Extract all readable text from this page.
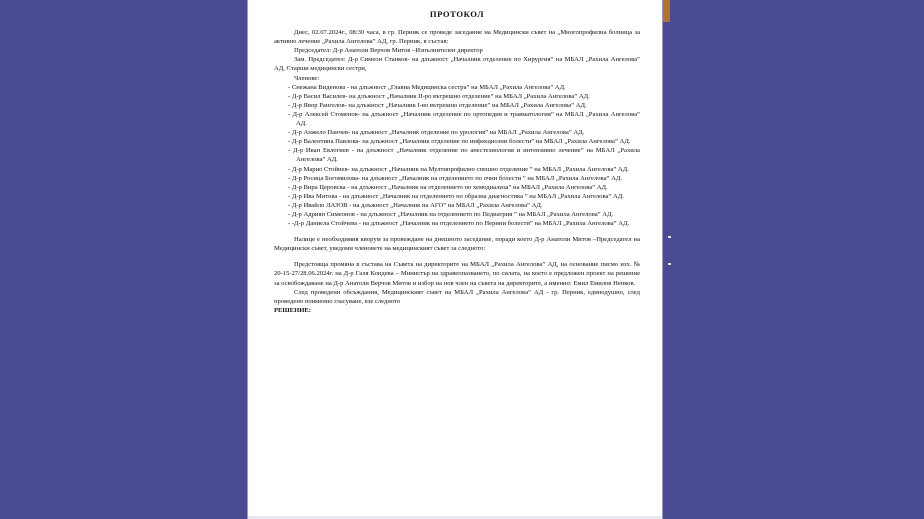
ПРОТОКОЛ

Днес, 02.07.2024г., 08:30 часа, в гр. Перник се проведе заседание на Медицински съвет на „Многопрофилна болница за активно лечение „Рахила Ангелова” АД, гр. Перник, в състав:

Председател: Д-р Анатоли Вeрчов Митов –Изпълнителен директор

Зам. Председател: Д-р Симеон Станков- на длъжност „Началник отделение по Хирургия” на МБАЛ „Рахила Ангелова” АД, Старши медицински сестри,

Членове:

- Снежана Виденова - на длъжност „Главна Медицинска сестра” на МБАЛ „Рахила Ангелова” АД.
- Д-р Васил Василев- на длъжност „Началник II-ро вътрешно отделение” на МБАЛ „Рахила Ангелова” АД.
- Д-р Явор Рангелов- на длъжност „Началник I-во вътрешно отделение” на МБАЛ „Рахила Ангелова” АД.
- Д-р Алексей Стоменов- на длъжност „Началник отделение по ортопедия и травматология” на МБАЛ „Рахила Ангелова” АД.
- Д-р Анжело Панчев- на длъжност „Началник отделение по урология” на МБАЛ „Рахила Ангелова” АД.
- Д-р Валентина Павлова- на длъжност „Началник отделение по инфекциозни болести” на МБАЛ „Рахила Ангелова” АД.
- Д-р Иван Евлогиев - на длъжност „Началник отделение по анестезиология и интензивно лечение” на МБАЛ „Рахила Ангелова” АД.
- Д-р Марио Стойнев- на длъжност „Началник на Мултипрофилно спешно отделение ” на МБАЛ „Рахила Ангелова” АД.
- Д-р Росица Богомилова- на длъжност „Началник на отделението по очни болести ” на МБАЛ „Рахила Ангелова” АД.
- Д-р Вира Церовска - на длъжност „Началник на отделението по хемодиализа” на МБАЛ „Рахила Ангелова” АД.
- Д-р Ива Митова - на длъжност „Началник на отделението по образна диагностика ” на МБАЛ „Рахила Ангелова” АД.
- Д-р Ивайло ЛАЗОВ - на длъжност „Началник на АГО” на МБАЛ „Рахила Ангелова” АД.
- Д-р Адриян Симеонов - на длъжност „Началник на отделението по Педиатрия ” на МБАЛ „Рахила Ангелова” АД.
- -Д-р Даниела Стойчева - на длъжност „Началник на отделението по Нерини болести” на МБАЛ „Рахила Ангелова” АД.

Налице е необходимия кворум за провеждане на днешното заседание, поради което Д-р Анатоли Митов –Председател на Медицински съвет, уведоми членовете на медицинският съвет за следното:

Предстояща промяна в състава на Съвета на директорите на МБАЛ „Рахила Ангелова” АД, на основание писмо изх. № 20-15-27/28.06.2024г. на Д-р Галя Кондева – Министър на здравеопазването, по силата, на което е предложен проект на решение за освобождаване на Д-р Анатоли Вeрчов Митов и избор на нов член на съвета на директорите, а именно: Емил Емилов Ненков.

След проведени обсъждания, Медицинският съвет на МБАЛ „Рахила Ангелова” АД - гр. Перник, единодушно, след проведено поименно гласуване, взе следното

РЕШЕНИЕ:
